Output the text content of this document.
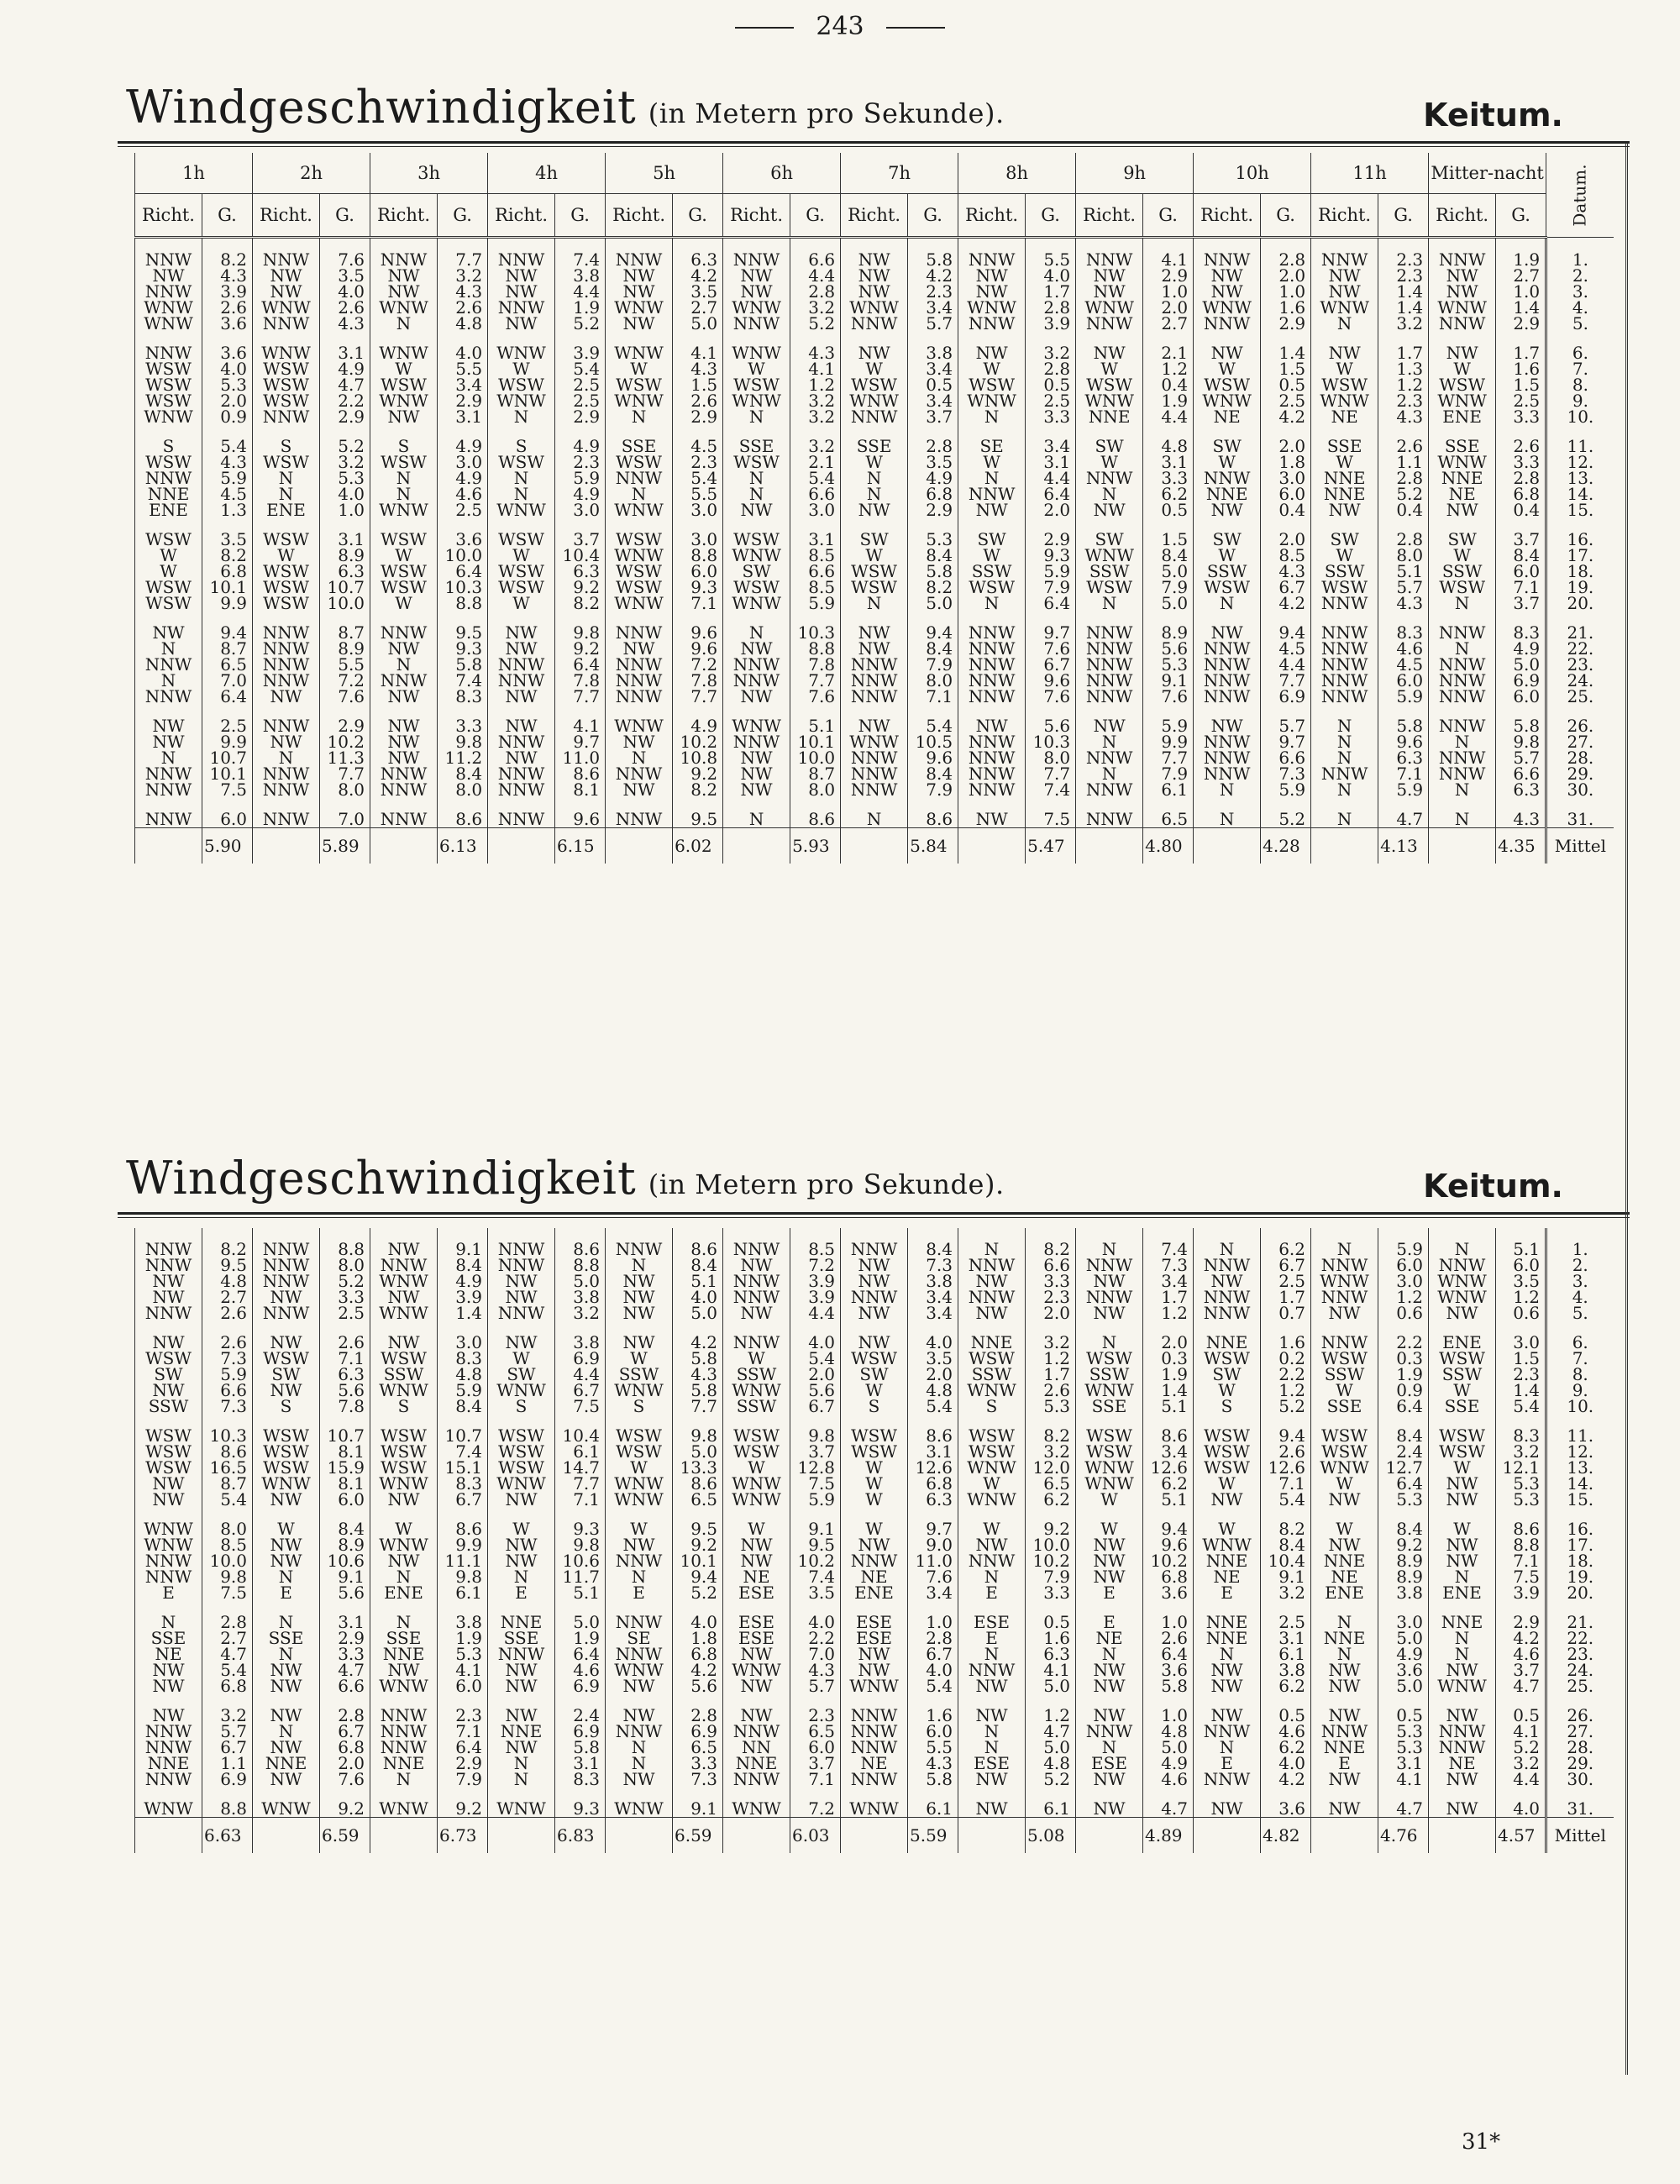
243
Windgeschwindigkeit (in Metern pro Sekunde).	Keitum.
1h		2h		3h		4h		5h		6h		7h		8h		9h		10h		11h		Mitter-nacht		Datum.
Richt.	G.	Richt.	G.	Richt.	G.	Richt.	G.	Richt.	G.	Richt.	G.	Richt.	G.	Richt.	G.	Richt.	G.	Richt.	G.	Richt.	G.	Richt.	G.	

NNW	8.2	NNW	7.6	NNW	7.7	NNW	7.4	NNW	6.3	NNW	6.6	NW	5.8	NNW	5.5	NNW	4.1	NNW	2.8	NNW	2.3	NNW	1.9	1.
NW	4.3	NW	3.5	NW	3.2	NW	3.8	NW	4.2	NW	4.4	NW	4.2	NW	4.0	NW	2.9	NW	2.0	NW	2.3	NW	2.7	2.
NNW	3.9	NW	4.0	NW	4.3	NW	4.4	NW	3.5	NW	2.8	NW	2.3	NW	1.7	NW	1.0	NW	1.0	NW	1.4	NW	1.0	3.
WNW	2.6	WNW	2.6	WNW	2.6	NNW	1.9	WNW	2.7	WNW	3.2	WNW	3.4	WNW	2.8	WNW	2.0	WNW	1.6	WNW	1.4	WNW	1.4	4.
WNW	3.6	NNW	4.3	N	4.8	NW	5.2	NW	5.0	NNW	5.2	NNW	5.7	NNW	3.9	NNW	2.7	NNW	2.9	N	3.2	NNW	2.9	5.

NNW	3.6	WNW	3.1	WNW	4.0	WNW	3.9	WNW	4.1	WNW	4.3	NW	3.8	NW	3.2	NW	2.1	NW	1.4	NW	1.7	NW	1.7	6.
WSW	4.0	WSW	4.9	W	5.5	W	5.4	W	4.3	W	4.1	W	3.4	W	2.8	W	1.2	W	1.5	W	1.3	W	1.6	7.
WSW	5.3	WSW	4.7	WSW	3.4	WSW	2.5	WSW	1.5	WSW	1.2	WSW	0.5	WSW	0.5	WSW	0.4	WSW	0.5	WSW	1.2	WSW	1.5	8.
WSW	2.0	WSW	2.2	WNW	2.9	WNW	2.5	WNW	2.6	WNW	3.2	WNW	3.4	WNW	2.5	WNW	1.9	WNW	2.5	WNW	2.3	WNW	2.5	9.
WNW	0.9	NNW	2.9	NW	3.1	N	2.9	N	2.9	N	3.2	NNW	3.7	N	3.3	NNE	4.4	NE	4.2	NE	4.3	ENE	3.3	10.

S	5.4	S	5.2	S	4.9	S	4.9	SSE	4.5	SSE	3.2	SSE	2.8	SE	3.4	SW	4.8	SW	2.0	SSE	2.6	SSE	2.6	11.
WSW	4.3	WSW	3.2	WSW	3.0	WSW	2.3	WSW	2.3	WSW	2.1	W	3.5	W	3.1	W	3.1	W	1.8	W	1.1	WNW	3.3	12.
NNW	5.9	N	5.3	N	4.9	N	5.9	NNW	5.4	N	5.4	N	4.9	N	4.4	NNW	3.3	NNW	3.0	NNE	2.8	NNE	2.8	13.
NNE	4.5	N	4.0	N	4.6	N	4.9	N	5.5	N	6.6	N	6.8	NNW	6.4	N	6.2	NNE	6.0	NNE	5.2	NE	6.8	14.
ENE	1.3	ENE	1.0	WNW	2.5	WNW	3.0	WNW	3.0	NW	3.0	NW	2.9	NW	2.0	NW	0.5	NW	0.4	NW	0.4	NW	0.4	15.

WSW	3.5	WSW	3.1	WSW	3.6	WSW	3.7	WSW	3.0	WSW	3.1	SW	5.3	SW	2.9	SW	1.5	SW	2.0	SW	2.8	SW	3.7	16.
W	8.2	W	8.9	W	10.0	W	10.4	WNW	8.8	WNW	8.5	W	8.4	W	9.3	WNW	8.4	W	8.5	W	8.0	W	8.4	17.
W	6.8	WSW	6.3	WSW	6.4	WSW	6.3	WSW	6.0	SW	6.6	WSW	5.8	SSW	5.9	SSW	5.0	SSW	4.3	SSW	5.1	SSW	6.0	18.
WSW	10.1	WSW	10.7	WSW	10.3	WSW	9.2	WSW	9.3	WSW	8.5	WSW	8.2	WSW	7.9	WSW	7.9	WSW	6.7	WSW	5.7	WSW	7.1	19.
WSW	9.9	WSW	10.0	W	8.8	W	8.2	WNW	7.1	WNW	5.9	N	5.0	N	6.4	N	5.0	N	4.2	NNW	4.3	N	3.7	20.

NW	9.4	NNW	8.7	NNW	9.5	NW	9.8	NNW	9.6	N	10.3	NW	9.4	NNW	9.7	NNW	8.9	NW	9.4	NNW	8.3	NNW	8.3	21.
N	8.7	NNW	8.9	NW	9.3	NW	9.2	NW	9.6	NW	8.8	NW	8.4	NNW	7.6	NNW	5.6	NNW	4.5	NNW	4.6	N	4.9	22.
NNW	6.5	NNW	5.5	N	5.8	NNW	6.4	NNW	7.2	NNW	7.8	NNW	7.9	NNW	6.7	NNW	5.3	NNW	4.4	NNW	4.5	NNW	5.0	23.
N	7.0	NNW	7.2	NNW	7.4	NNW	7.8	NNW	7.8	NNW	7.7	NNW	8.0	NNW	9.6	NNW	9.1	NNW	7.7	NNW	6.0	NNW	6.9	24.
NNW	6.4	NW	7.6	NW	8.3	NW	7.7	NNW	7.7	NW	7.6	NNW	7.1	NNW	7.6	NNW	7.6	NNW	6.9	NNW	5.9	NNW	6.0	25.

NW	2.5	NNW	2.9	NW	3.3	NW	4.1	WNW	4.9	WNW	5.1	NW	5.4	NW	5.6	NW	5.9	NW	5.7	N	5.8	NNW	5.8	26.
NW	9.9	NW	10.2	NW	9.8	NNW	9.7	NW	10.2	NNW	10.1	WNW	10.5	NNW	10.3	N	9.9	NNW	9.7	N	9.6	N	9.8	27.
N	10.7	N	11.3	NW	11.2	NW	11.0	N	10.8	NW	10.0	NNW	9.6	NNW	8.0	NNW	7.7	NNW	6.6	N	6.3	NNW	5.7	28.
NNW	10.1	NNW	7.7	NNW	8.4	NNW	8.6	NNW	9.2	NW	8.7	NNW	8.4	NNW	7.7	N	7.9	NNW	7.3	NNW	7.1	NNW	6.6	29.
NNW	7.5	NNW	8.0	NNW	8.0	NNW	8.1	NW	8.2	NW	8.0	NNW	7.9	NNW	7.4	NNW	6.1	N	5.9	N	5.9	N	6.3	30.

NNW	6.0	NNW	7.0	NNW	8.6	NNW	9.6	NNW	9.5	N	8.6	N	8.6	NW	7.5	NNW	6.5	N	5.2	N	4.7	N	4.3	31.
	5.90		5.89		6.13		6.15		6.02		5.93		5.84		5.47		4.80		4.28		4.13		4.35	Mittel
Windgeschwindigkeit (in Metern pro Sekunde).	Keitum.

NNW	8.2	NNW	8.8	NW	9.1	NNW	8.6	NNW	8.6	NNW	8.5	NNW	8.4	N	8.2	N	7.4	N	6.2	N	5.9	N	5.1	1.
NNW	9.5	NNW	8.0	NNW	8.4	NNW	8.8	N	8.4	NW	7.2	NW	7.3	NNW	6.6	NNW	7.3	NNW	6.7	NNW	6.0	NNW	6.0	2.
NW	4.8	NNW	5.2	WNW	4.9	NW	5.0	NW	5.1	NNW	3.9	NW	3.8	NW	3.3	NW	3.4	NW	2.5	WNW	3.0	WNW	3.5	3.
NW	2.7	NW	3.3	NW	3.9	NW	3.8	NW	4.0	NNW	3.9	NNW	3.4	NNW	2.3	NNW	1.7	NNW	1.7	NNW	1.2	WNW	1.2	4.
NNW	2.6	NNW	2.5	WNW	1.4	NNW	3.2	NW	5.0	NW	4.4	NW	3.4	NW	2.0	NW	1.2	NNW	0.7	NW	0.6	NW	0.6	5.

NW	2.6	NW	2.6	NW	3.0	NW	3.8	NW	4.2	NNW	4.0	NW	4.0	NNE	3.2	N	2.0	NNE	1.6	NNW	2.2	ENE	3.0	6.
WSW	7.3	WSW	7.1	WSW	8.3	W	6.9	W	5.8	W	5.4	WSW	3.5	WSW	1.2	WSW	0.3	WSW	0.2	WSW	0.3	WSW	1.5	7.
SW	5.9	SW	6.3	SSW	4.8	SW	4.4	SSW	4.3	SSW	2.0	SW	2.0	SSW	1.7	SSW	1.9	SW	2.2	SSW	1.9	SSW	2.3	8.
NW	6.6	NW	5.6	WNW	5.9	WNW	6.7	WNW	5.8	WNW	5.6	W	4.8	WNW	2.6	WNW	1.4	W	1.2	W	0.9	W	1.4	9.
SSW	7.3	S	7.8	S	8.4	S	7.5	S	7.7	SSW	6.7	S	5.4	S	5.3	SSE	5.1	S	5.2	SSE	6.4	SSE	5.4	10.

WSW	10.3	WSW	10.7	WSW	10.7	WSW	10.4	WSW	9.8	WSW	9.8	WSW	8.6	WSW	8.2	WSW	8.6	WSW	9.4	WSW	8.4	WSW	8.3	11.
WSW	8.6	WSW	8.1	WSW	7.4	WSW	6.1	WSW	5.0	WSW	3.7	WSW	3.1	WSW	3.2	WSW	3.4	WSW	2.6	WSW	2.4	WSW	3.2	12.
WSW	16.5	WSW	15.9	WSW	15.1	WSW	14.7	W	13.3	W	12.8	W	12.6	WNW	12.0	WNW	12.6	WSW	12.6	WNW	12.7	W	12.1	13.
NW	8.7	WNW	8.1	WNW	8.3	WNW	7.7	WNW	8.6	WNW	7.5	W	6.8	W	6.5	WNW	6.2	W	7.1	W	6.4	NW	5.3	14.
NW	5.4	NW	6.0	NW	6.7	NW	7.1	WNW	6.5	WNW	5.9	W	6.3	WNW	6.2	W	5.1	NW	5.4	NW	5.3	NW	5.3	15.

WNW	8.0	W	8.4	W	8.6	W	9.3	W	9.5	W	9.1	W	9.7	W	9.2	W	9.4	W	8.2	W	8.4	W	8.6	16.
WNW	8.5	NW	8.9	WNW	9.9	NW	9.8	NW	9.2	NW	9.5	NW	9.0	NW	10.0	NW	9.6	WNW	8.4	NW	9.2	NW	8.8	17.
NNW	10.0	NW	10.6	NW	11.1	NW	10.6	NNW	10.1	NW	10.2	NNW	11.0	NNW	10.2	NW	10.2	NNE	10.4	NNE	8.9	NW	7.1	18.
NNW	9.8	N	9.1	N	9.8	N	11.7	N	9.4	NE	7.4	NE	7.6	N	7.9	NW	6.8	NE	9.1	NE	8.9	N	7.5	19.
E	7.5	E	5.6	ENE	6.1	E	5.1	E	5.2	ESE	3.5	ENE	3.4	E	3.3	E	3.6	E	3.2	ENE	3.8	ENE	3.9	20.

N	2.8	N	3.1	N	3.8	NNE	5.0	NNW	4.0	ESE	4.0	ESE	1.0	ESE	0.5	E	1.0	NNE	2.5	N	3.0	NNE	2.9	21.
SSE	2.7	SSE	2.9	SSE	1.9	SSE	1.9	SE	1.8	ESE	2.2	ESE	2.8	E	1.6	NE	2.6	NNE	3.1	NNE	5.0	N	4.2	22.
NE	4.7	N	3.3	NNE	5.3	NNW	6.4	NNW	6.8	NW	7.0	NW	6.7	N	6.3	N	6.4	N	6.1	N	4.9	N	4.6	23.
NW	5.4	NW	4.7	NW	4.1	NW	4.6	WNW	4.2	WNW	4.3	NW	4.0	NNW	4.1	NW	3.6	NW	3.8	NW	3.6	NW	3.7	24.
NW	6.8	NW	6.6	WNW	6.0	NW	6.9	NW	5.6	NW	5.7	WNW	5.4	NW	5.0	NW	5.8	NW	6.2	NW	5.0	WNW	4.7	25.

NW	3.2	NW	2.8	NNW	2.3	NW	2.4	NW	2.8	NW	2.3	NNW	1.6	NW	1.2	NW	1.0	NW	0.5	NW	0.5	NW	0.5	26.
NNW	5.7	N	6.7	NNW	7.1	NNE	6.9	NNW	6.9	NNW	6.5	NNW	6.0	N	4.7	NNW	4.8	NNW	4.6	NNW	5.3	NNW	4.1	27.
NNW	6.7	NW	6.8	NNW	6.4	NW	5.8	N	6.5	NN	6.0	NNW	5.5	N	5.0	N	5.0	N	6.2	NNE	5.3	NNW	5.2	28.
NNE	1.1	NNE	2.0	NNE	2.9	N	3.1	N	3.3	NNE	3.7	NE	4.3	ESE	4.8	ESE	4.9	E	4.0	E	3.1	NE	3.2	29.
NNW	6.9	NW	7.6	N	7.9	N	8.3	NW	7.3	NNW	7.1	NNW	5.8	NW	5.2	NW	4.6	NNW	4.2	NW	4.1	NW	4.4	30.

WNW	8.8	WNW	9.2	WNW	9.2	WNW	9.3	WNW	9.1	WNW	7.2	WNW	6.1	NW	6.1	NW	4.7	NW	3.6	NW	4.7	NW	4.0	31.
	6.63		6.59		6.73		6.83		6.59		6.03		5.59		5.08		4.89		4.82		4.76		4.57	Mittel
31*
